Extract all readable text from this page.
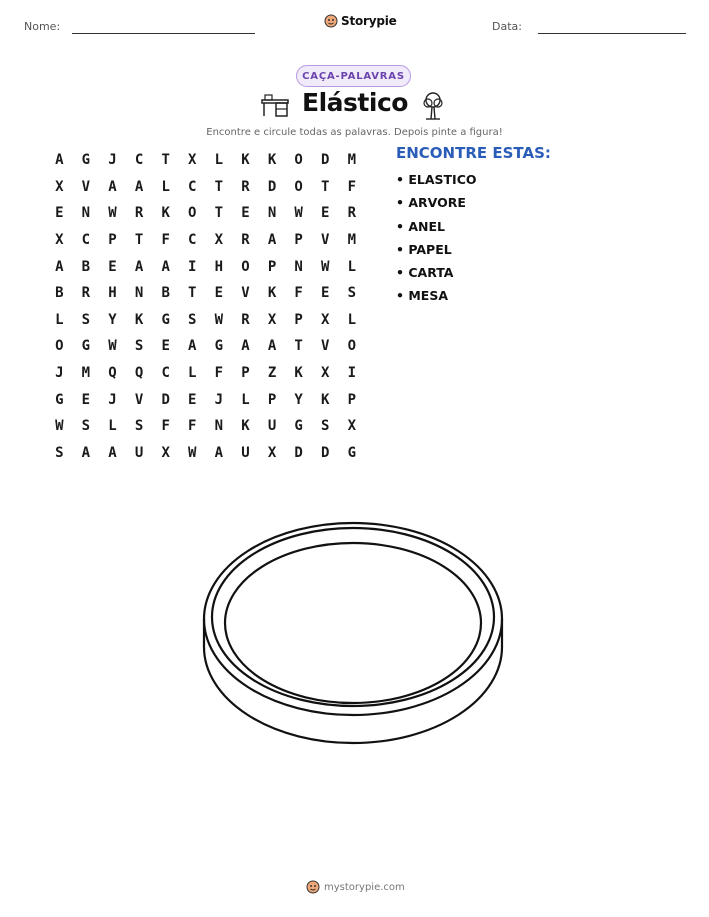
Nome:	Storypie	Data:
CAÇA-PALAVRAS
Elástico
Encontre e circule todas as palavras. Depois pinte a figura!
A	G	J	C	T	X	L	K	K	O	D	M
X	V	A	A	L	C	T	R	D	O	T	F
E	N	W	R	K	O	T	E	N	W	E	R
X	C	P	T	F	C	X	R	A	P	V	M
A	B	E	A	A	I	H	O	P	N	W	L
B	R	H	N	B	T	E	V	K	F	E	S
L	S	Y	K	G	S	W	R	X	P	X	L
O	G	W	S	E	A	G	A	A	T	V	O
J	M	Q	Q	C	L	F	P	Z	K	X	I
G	E	J	V	D	E	J	L	P	Y	K	P
W	S	L	S	F	F	N	K	U	G	S	X
S	A	A	U	X	W	A	U	X	D	D	G
ENCONTRE ESTAS:
• ELASTICO
• ARVORE
• ANEL
• PAPEL
• CARTA
• MESA
mystorypie.com
